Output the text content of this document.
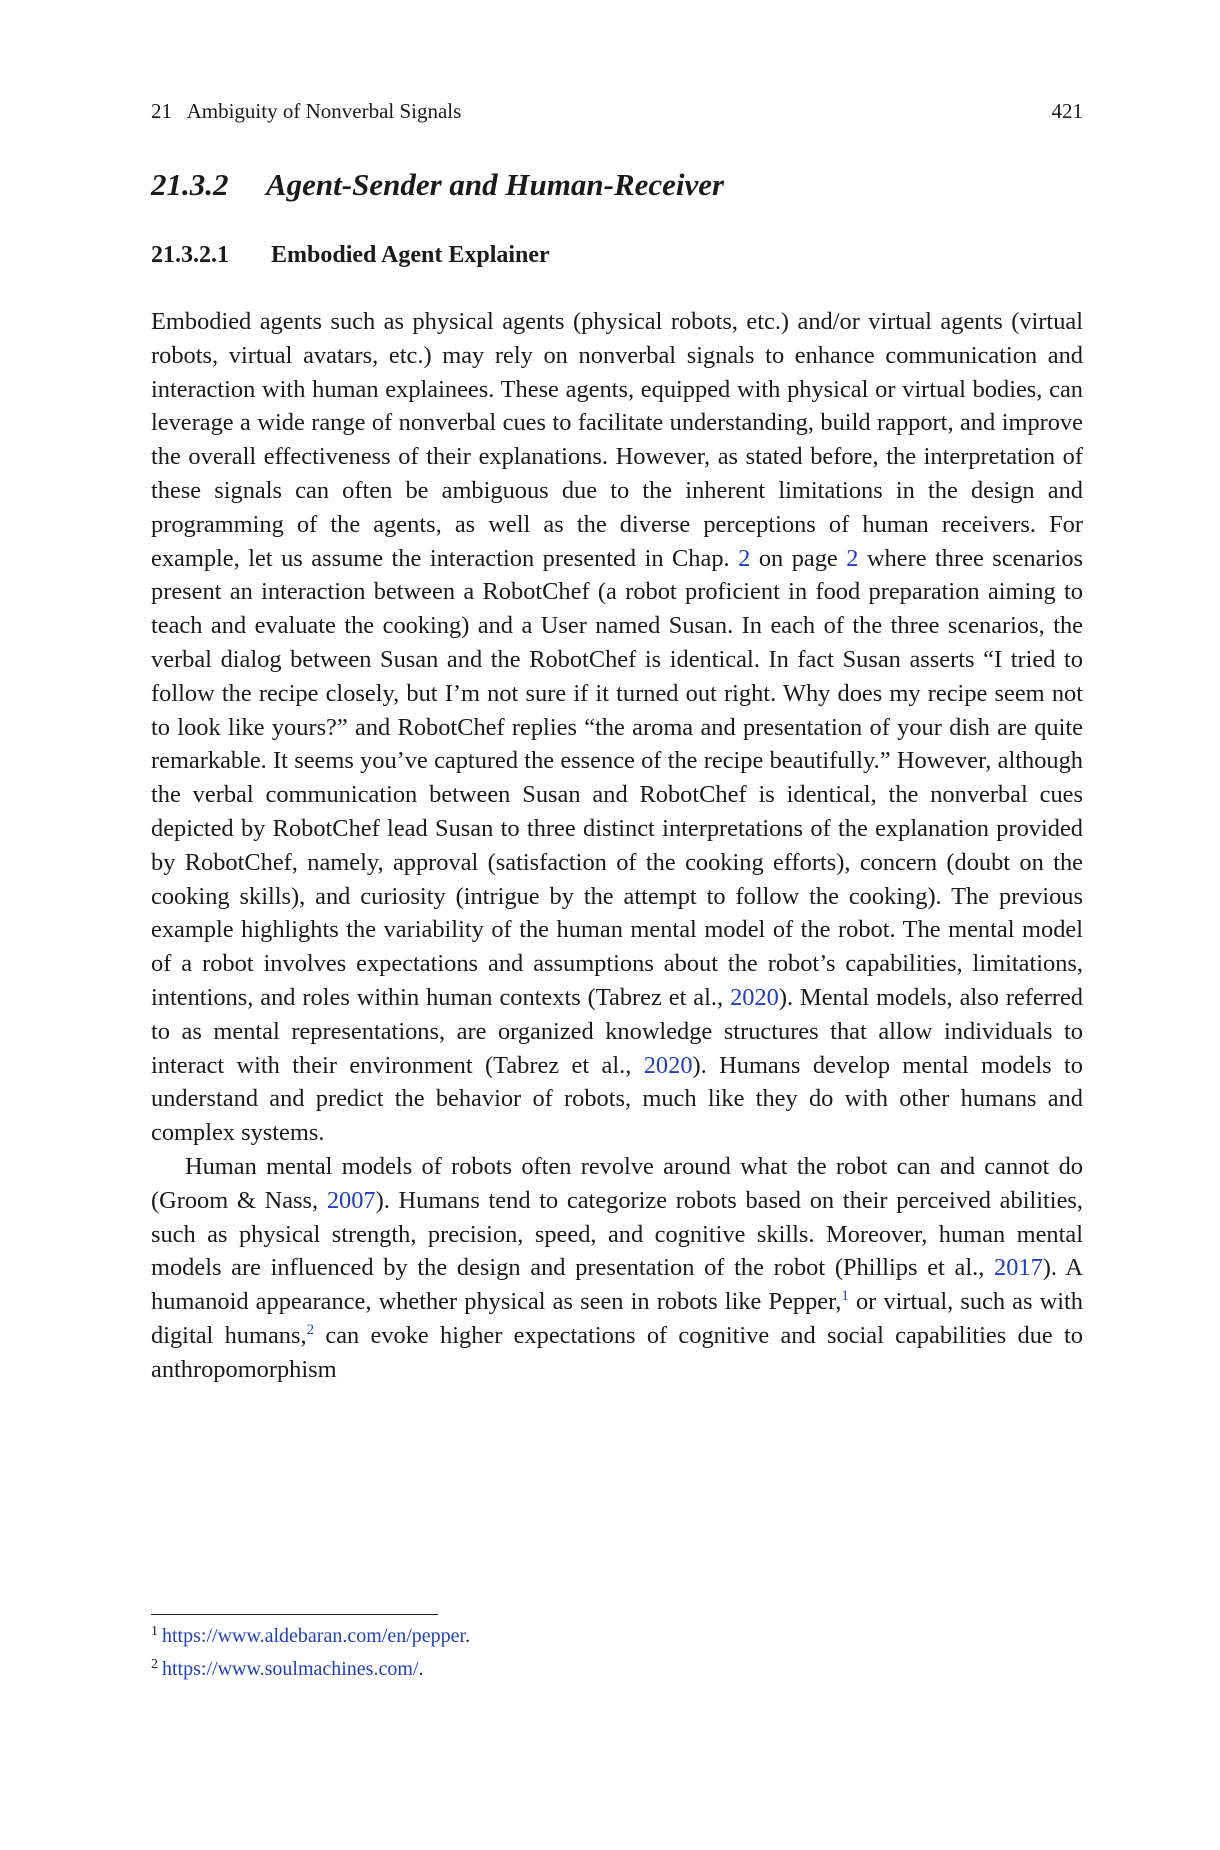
21   Ambiguity of Nonverbal Signals	421
21.3.2 Agent-Sender and Human-Receiver
21.3.2.1 Embodied Agent Explainer

Embodied agents such as physical agents (physical robots, etc.) and/or virtual agents (virtual robots, virtual avatars, etc.) may rely on nonverbal signals to enhance communication and interaction with human explainees. These agents, equipped with physical or virtual bodies, can leverage a wide range of nonverbal cues to facilitate understanding, build rapport, and improve the overall effectiveness of their explanations. However, as stated before, the interpretation of these signals can often be ambiguous due to the inherent limitations in the design and programming of the agents, as well as the diverse perceptions of human receivers. For example, let us assume the interaction presented in Chap. 2 on page 2 where three scenarios present an interaction between a RobotChef (a robot proficient in food preparation aiming to teach and evaluate the cooking) and a User named Susan. In each of the three scenarios, the verbal dialog between Susan and the RobotChef is identical. In fact Susan asserts “I tried to follow the recipe closely, but I’m not sure if it turned out right. Why does my recipe seem not to look like yours?” and RobotChef replies “the aroma and presentation of your dish are quite remarkable. It seems you’ve captured the essence of the recipe beautifully.” However, although the verbal communication between Susan and RobotChef is identical, the nonverbal cues depicted by RobotChef lead Susan to three distinct interpretations of the explanation provided by RobotChef, namely, approval (satisfaction of the cooking efforts), concern (doubt on the cooking skills), and curiosity (intrigue by the attempt to follow the cooking). The previous example highlights the variability of the human mental model of the robot. The mental model of a robot involves expectations and assumptions about the robot’s capabilities, limitations, intentions, and roles within human contexts (Tabrez et al., 2020). Mental models, also referred to as mental representations, are organized knowledge structures that allow individuals to interact with their environment (Tabrez et al., 2020). Humans develop mental models to understand and predict the behavior of robots, much like they do with other humans and complex systems.

Human mental models of robots often revolve around what the robot can and cannot do (Groom & Nass, 2007). Humans tend to categorize robots based on their perceived abilities, such as physical strength, precision, speed, and cognitive skills. Moreover, human mental models are influenced by the design and presentation of the robot (Phillips et al., 2017). A humanoid appearance, whether physical as seen in robots like Pepper,$^1$ or virtual, such as with digital humans,$^2$ can evoke higher expectations of cognitive and social capabilities due to anthropomorphism

$^1$ https://www.aldebaran.com/en/pepper.
$^2$ https://www.soulmachines.com/.
